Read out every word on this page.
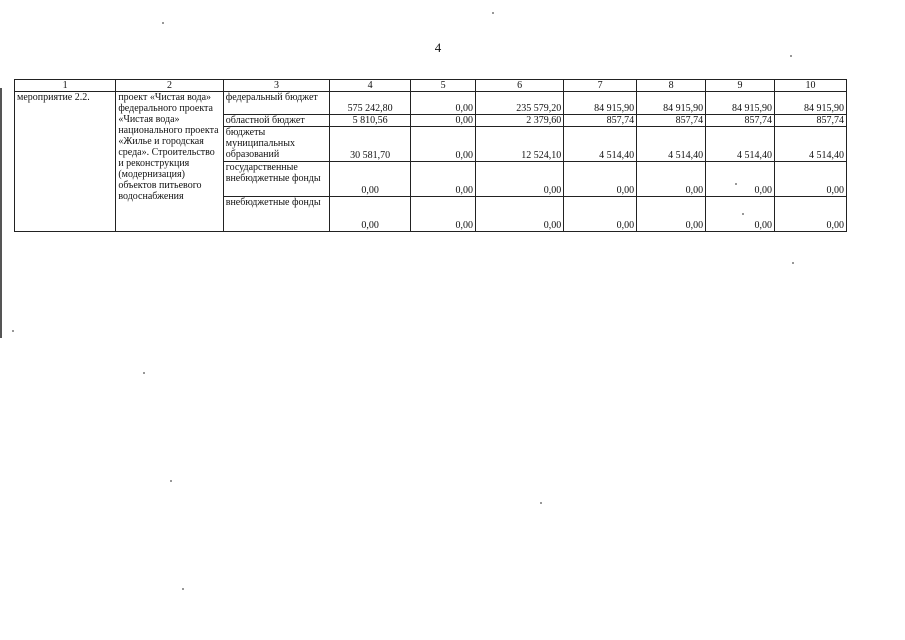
4
1	2	3	4	5	6	7	8	9	10
мероприятие 2.2.	проект «Чистая вода» федерального проекта «Чистая вода» национального проекта «Жилье и городская среда». Строительство и реконструкция (модернизация) объектов питьевого водоснабжения	федеральный бюджет	575 242,80	0,00	235 579,20	84 915,90	84 915,90	84 915,90	84 915,90
		областной бюджет	5 810,56	0,00	2 379,60	857,74	857,74	857,74	857,74
		бюджеты муниципальных образований	30 581,70	0,00	12 524,10	4 514,40	4 514,40	4 514,40	4 514,40
		государственные внебюджетные фонды	0,00	0,00	0,00	0,00	0,00	0,00	0,00
		внебюджетные фонды	0,00	0,00	0,00	0,00	0,00	0,00	0,00
